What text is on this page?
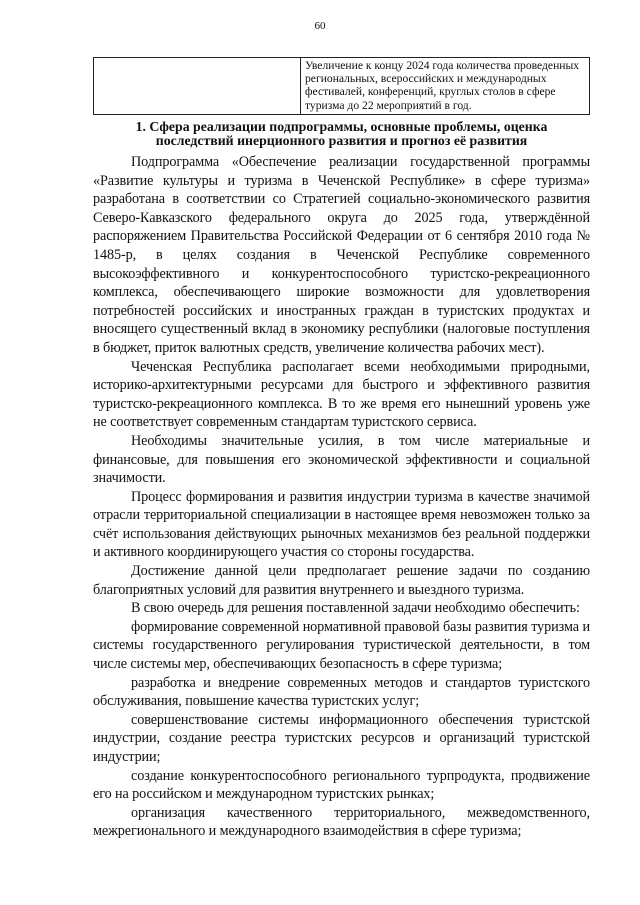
60
	Увеличение к концу 2024 года количества проведенных региональных, всероссийских и международных фестивалей, конференций, круглых столов в сфере туризма до 22 мероприятий в год.
1. Сфера реализации подпрограммы, основные проблемы, оценка
последствий инерционного развития и прогноз её развития

Подпрограмма «Обеспечение реализации государственной программы «Развитие культуры и туризма в Чеченской Республике» в сфере туризма» разработана в соответствии со Стратегией социально-экономического развития Северо-Кавказского федерального округа до 2025 года, утверждённой распоряжением Правительства Российской Федерации от 6 сентября 2010 года № 1485-р, в целях создания в Чеченской Республике современного высокоэффективного и конкурентоспособного туристско-рекреационного комплекса, обеспечивающего широкие возможности для удовлетворения потребностей российских и иностранных граждан в туристских продуктах и вносящего существенный вклад в экономику республики (налоговые поступления в бюджет, приток валютных средств, увеличение количества рабочих мест).

Чеченская Республика располагает всеми необходимыми природными, историко-архитектурными ресурсами для быстрого и эффективного развития туристско-рекреационного комплекса. В то же время его нынешний уровень уже не соответствует современным стандартам туристского сервиса.

Необходимы значительные усилия, в том числе материальные и финансовые, для повышения его экономической эффективности и социальной значимости.

Процесс формирования и развития индустрии туризма в качестве значимой отрасли территориальной специализации в настоящее время невозможен только за счёт использования действующих рыночных механизмов без реальной поддержки и активного координирующего участия со стороны государства.

Достижение данной цели предполагает решение задачи по созданию благоприятных условий для развития внутреннего и выездного туризма.

В свою очередь для решения поставленной задачи необходимо обеспечить:

формирование современной нормативной правовой базы развития туризма и системы государственного регулирования туристической деятельности, в том числе системы мер, обеспечивающих безопасность в сфере туризма;

разработка и внедрение современных методов и стандартов туристского обслуживания, повышение качества туристских услуг;

совершенствование системы информационного обеспечения туристской индустрии, создание реестра туристских ресурсов и организаций туристской индустрии;

создание конкурентоспособного регионального турпродукта, продвижение его на российском и международном туристских рынках;

организация качественного территориального, межведомственного, межрегионального и международного взаимодействия в сфере туризма;
